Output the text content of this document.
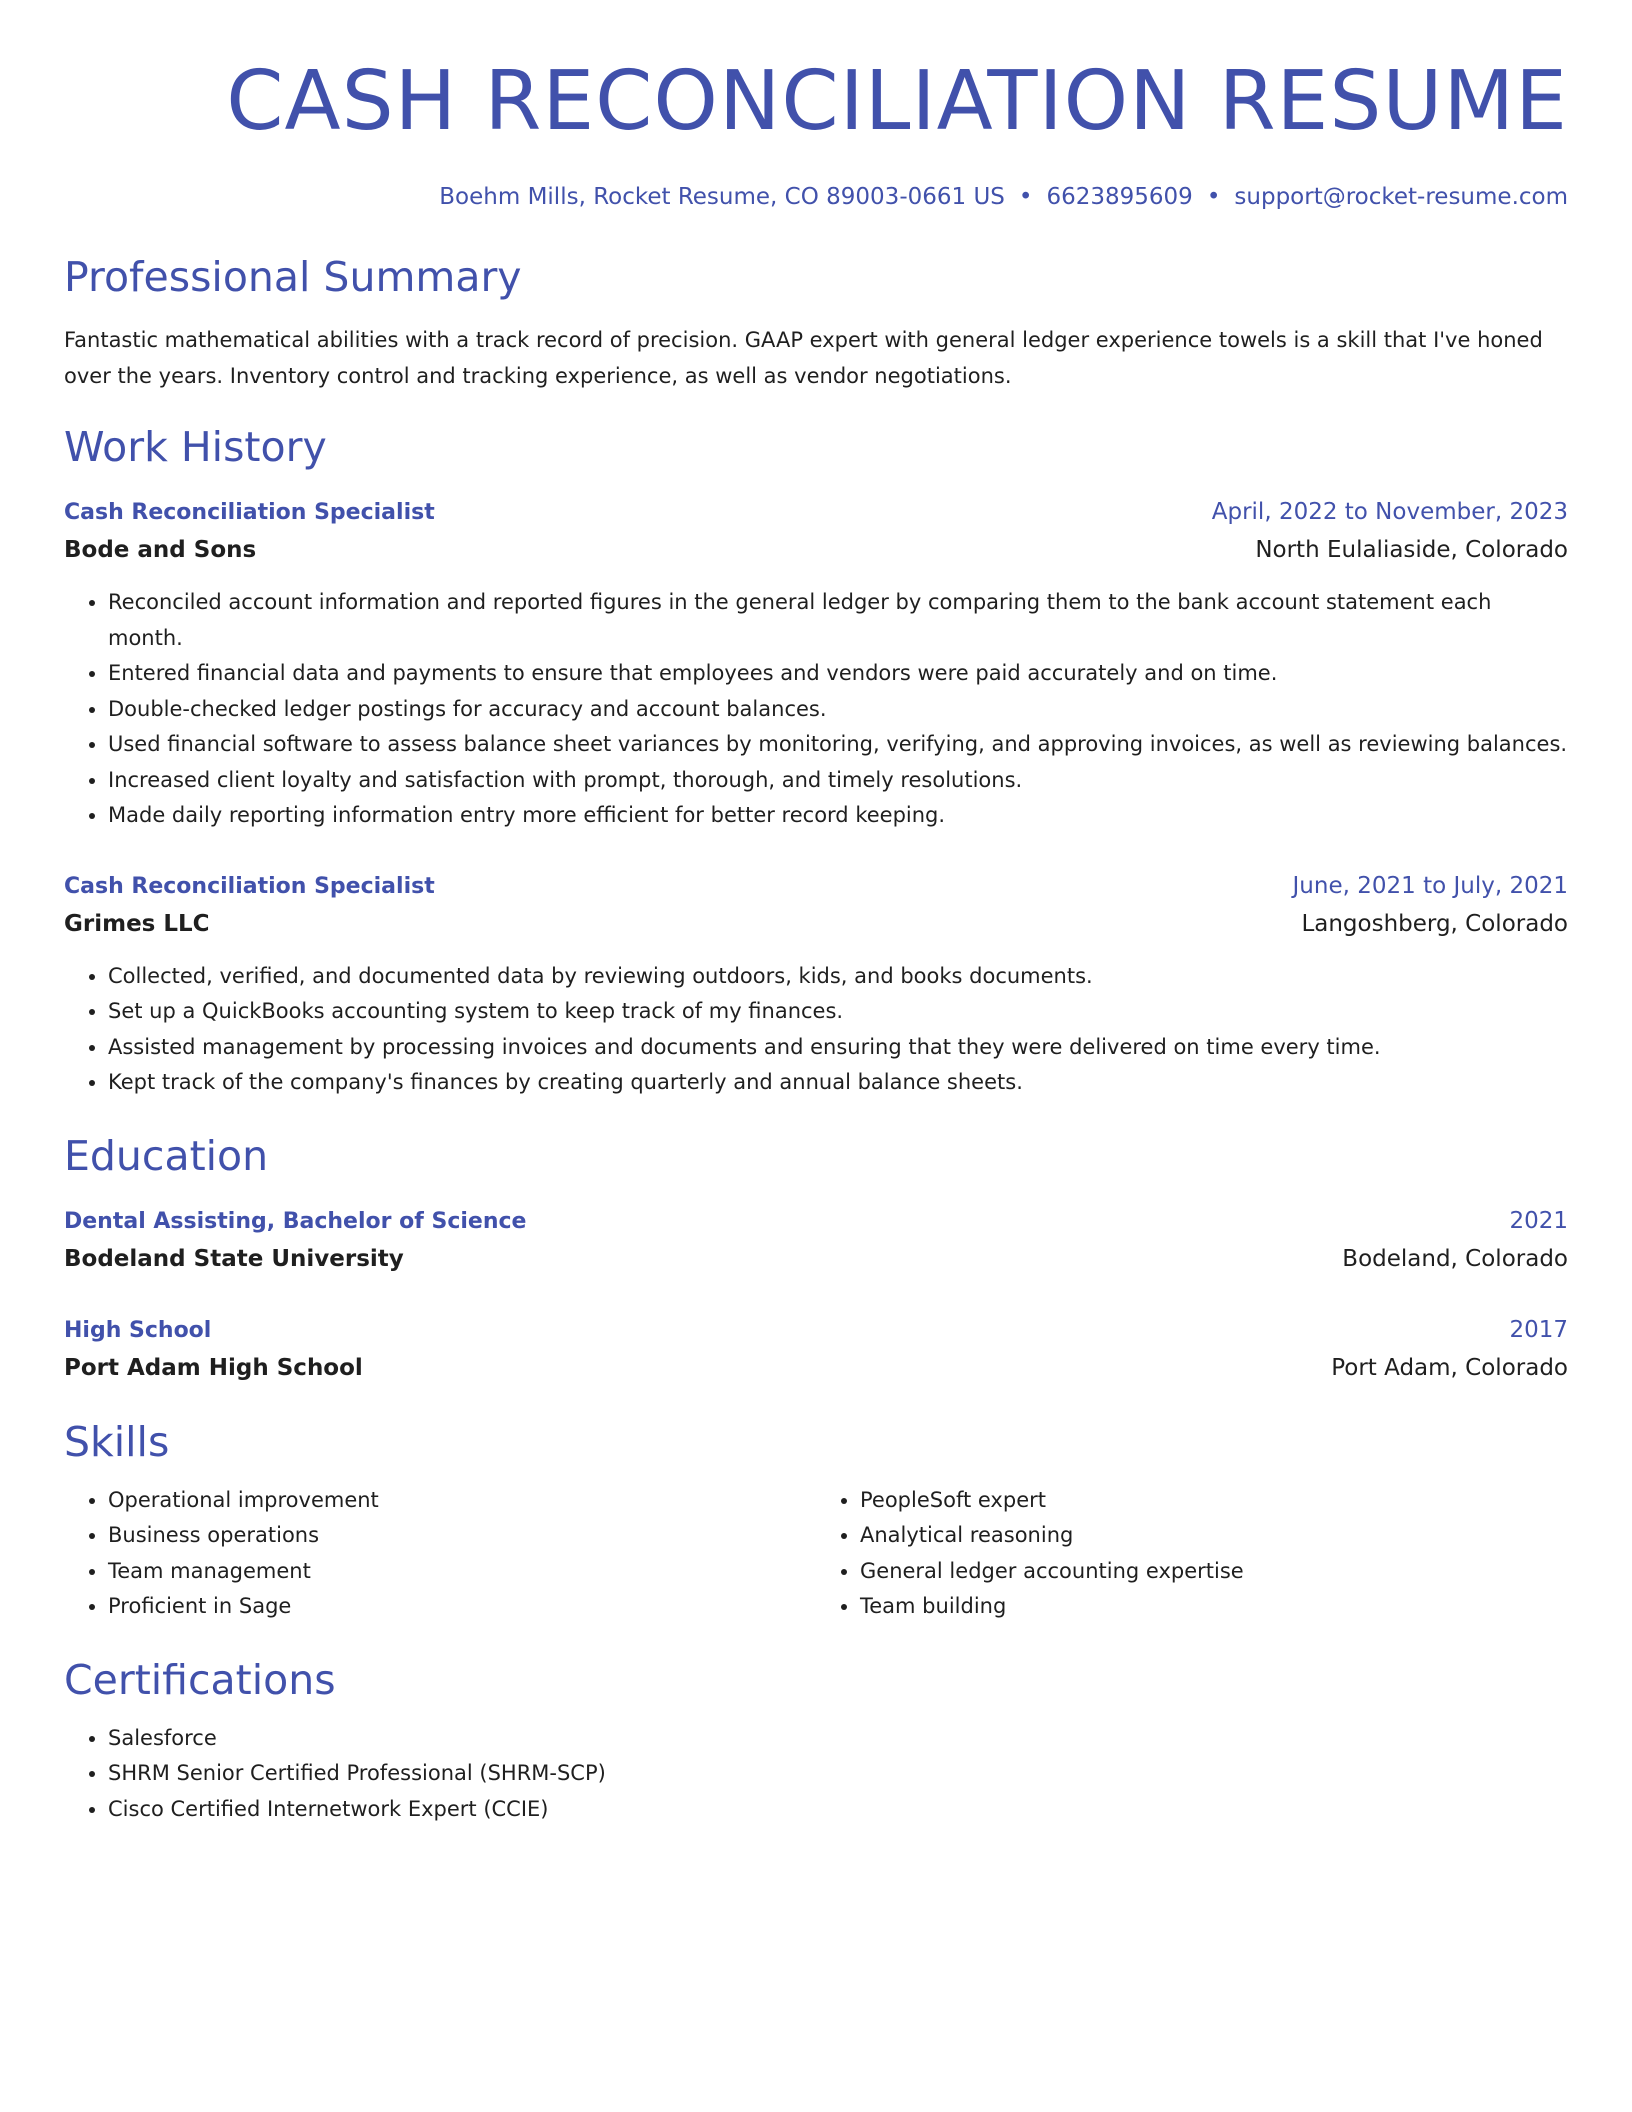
CASH RECONCILIATION RESUME
Boehm Mills, Rocket Resume, CO 89003-0661 US • 6623895609 • support@rocket-resume.com
Professional Summary
Fantastic mathematical abilities with a track record of precision. GAAP expert with general ledger experience towels is a skill that I've honed over the years. Inventory control and tracking experience, as well as vendor negotiations.
Work History
Cash Reconciliation Specialist	April, 2022 to November, 2023
Bode and Sons	North Eulaliaside, Colorado
• Reconciled account information and reported figures in the general ledger by comparing them to the bank account statement each month.
• Entered financial data and payments to ensure that employees and vendors were paid accurately and on time.
• Double-checked ledger postings for accuracy and account balances.
• Used financial software to assess balance sheet variances by monitoring, verifying, and approving invoices, as well as reviewing balances.
• Increased client loyalty and satisfaction with prompt, thorough, and timely resolutions.
• Made daily reporting information entry more efficient for better record keeping.
Cash Reconciliation Specialist	June, 2021 to July, 2021
Grimes LLC	Langoshberg, Colorado
• Collected, verified, and documented data by reviewing outdoors, kids, and books documents.
• Set up a QuickBooks accounting system to keep track of my finances.
• Assisted management by processing invoices and documents and ensuring that they were delivered on time every time.
• Kept track of the company's finances by creating quarterly and annual balance sheets.
Education
Dental Assisting, Bachelor of Science	2021
Bodeland State University	Bodeland, Colorado
High School	2017
Port Adam High School	Port Adam, Colorado
Skills
• Operational improvement
• Business operations
• Team management
• Proficient in Sage
• PeopleSoft expert
• Analytical reasoning
• General ledger accounting expertise
• Team building
Certifications
• Salesforce
• SHRM Senior Certified Professional (SHRM-SCP)
• Cisco Certified Internetwork Expert (CCIE)
